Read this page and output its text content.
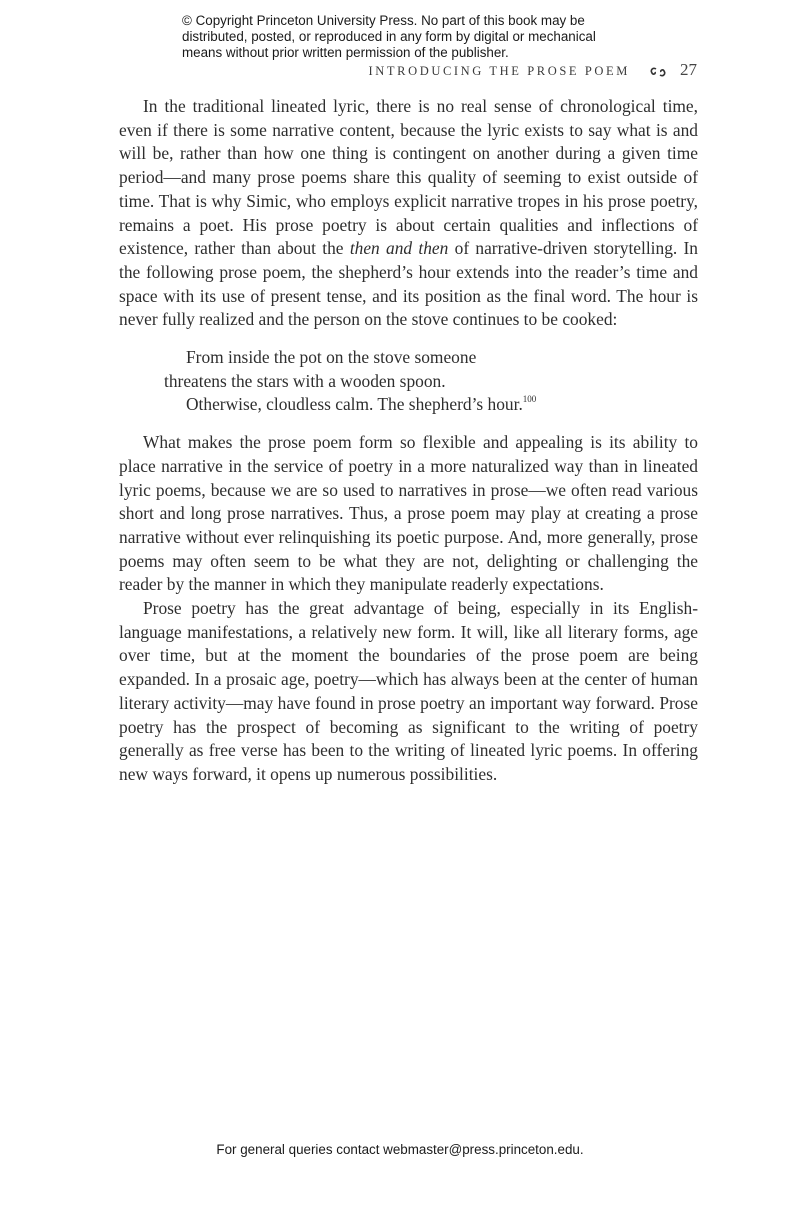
© Copyright Princeton University Press. No part of this book may be
distributed, posted, or reproduced in any form by digital or mechanical
means without prior written permission of the publisher.
INTRODUCING THE PROSE POEM	27

In the traditional lineated lyric, there is no real sense of chronological time, even if there is some narrative content, because the lyric exists to say what is and will be, rather than how one thing is contingent on another during a given time period—and many prose poems share this quality of seeming to exist outside of time. That is why Simic, who employs explicit narrative tropes in his prose poetry, remains a poet. His prose poetry is about certain qualities and inflections of existence, rather than about the then and then of narrative-driven storytelling. In the following prose poem, the shepherd’s hour extends into the reader’s time and space with its use of present tense, and its position as the final word. The hour is never fully realized and the person on the stove continues to be cooked:

From inside the pot on the stove someone
threatens the stars with a wooden spoon.
Otherwise, cloudless calm. The shepherd’s hour.$^{100}$

What makes the prose poem form so flexible and appealing is its ability to place narrative in the service of poetry in a more naturalized way than in lineated lyric poems, because we are so used to narratives in prose—we often read various short and long prose narratives. Thus, a prose poem may play at creating a prose narrative without ever relinquishing its poetic purpose. And, more generally, prose poems may often seem to be what they are not, delighting or challenging the reader by the manner in which they manipulate readerly expectations.

Prose poetry has the great advantage of being, especially in its English-language manifestations, a relatively new form. It will, like all literary forms, age over time, but at the moment the boundaries of the prose poem are being expanded. In a prosaic age, poetry—which has always been at the center of human literary activity—may have found in prose poetry an important way forward. Prose poetry has the prospect of becoming as significant to the writing of poetry generally as free verse has been to the writing of lineated lyric poems. In offering new ways forward, it opens up numerous possibilities.

For general queries contact webmaster@press.princeton.edu.
